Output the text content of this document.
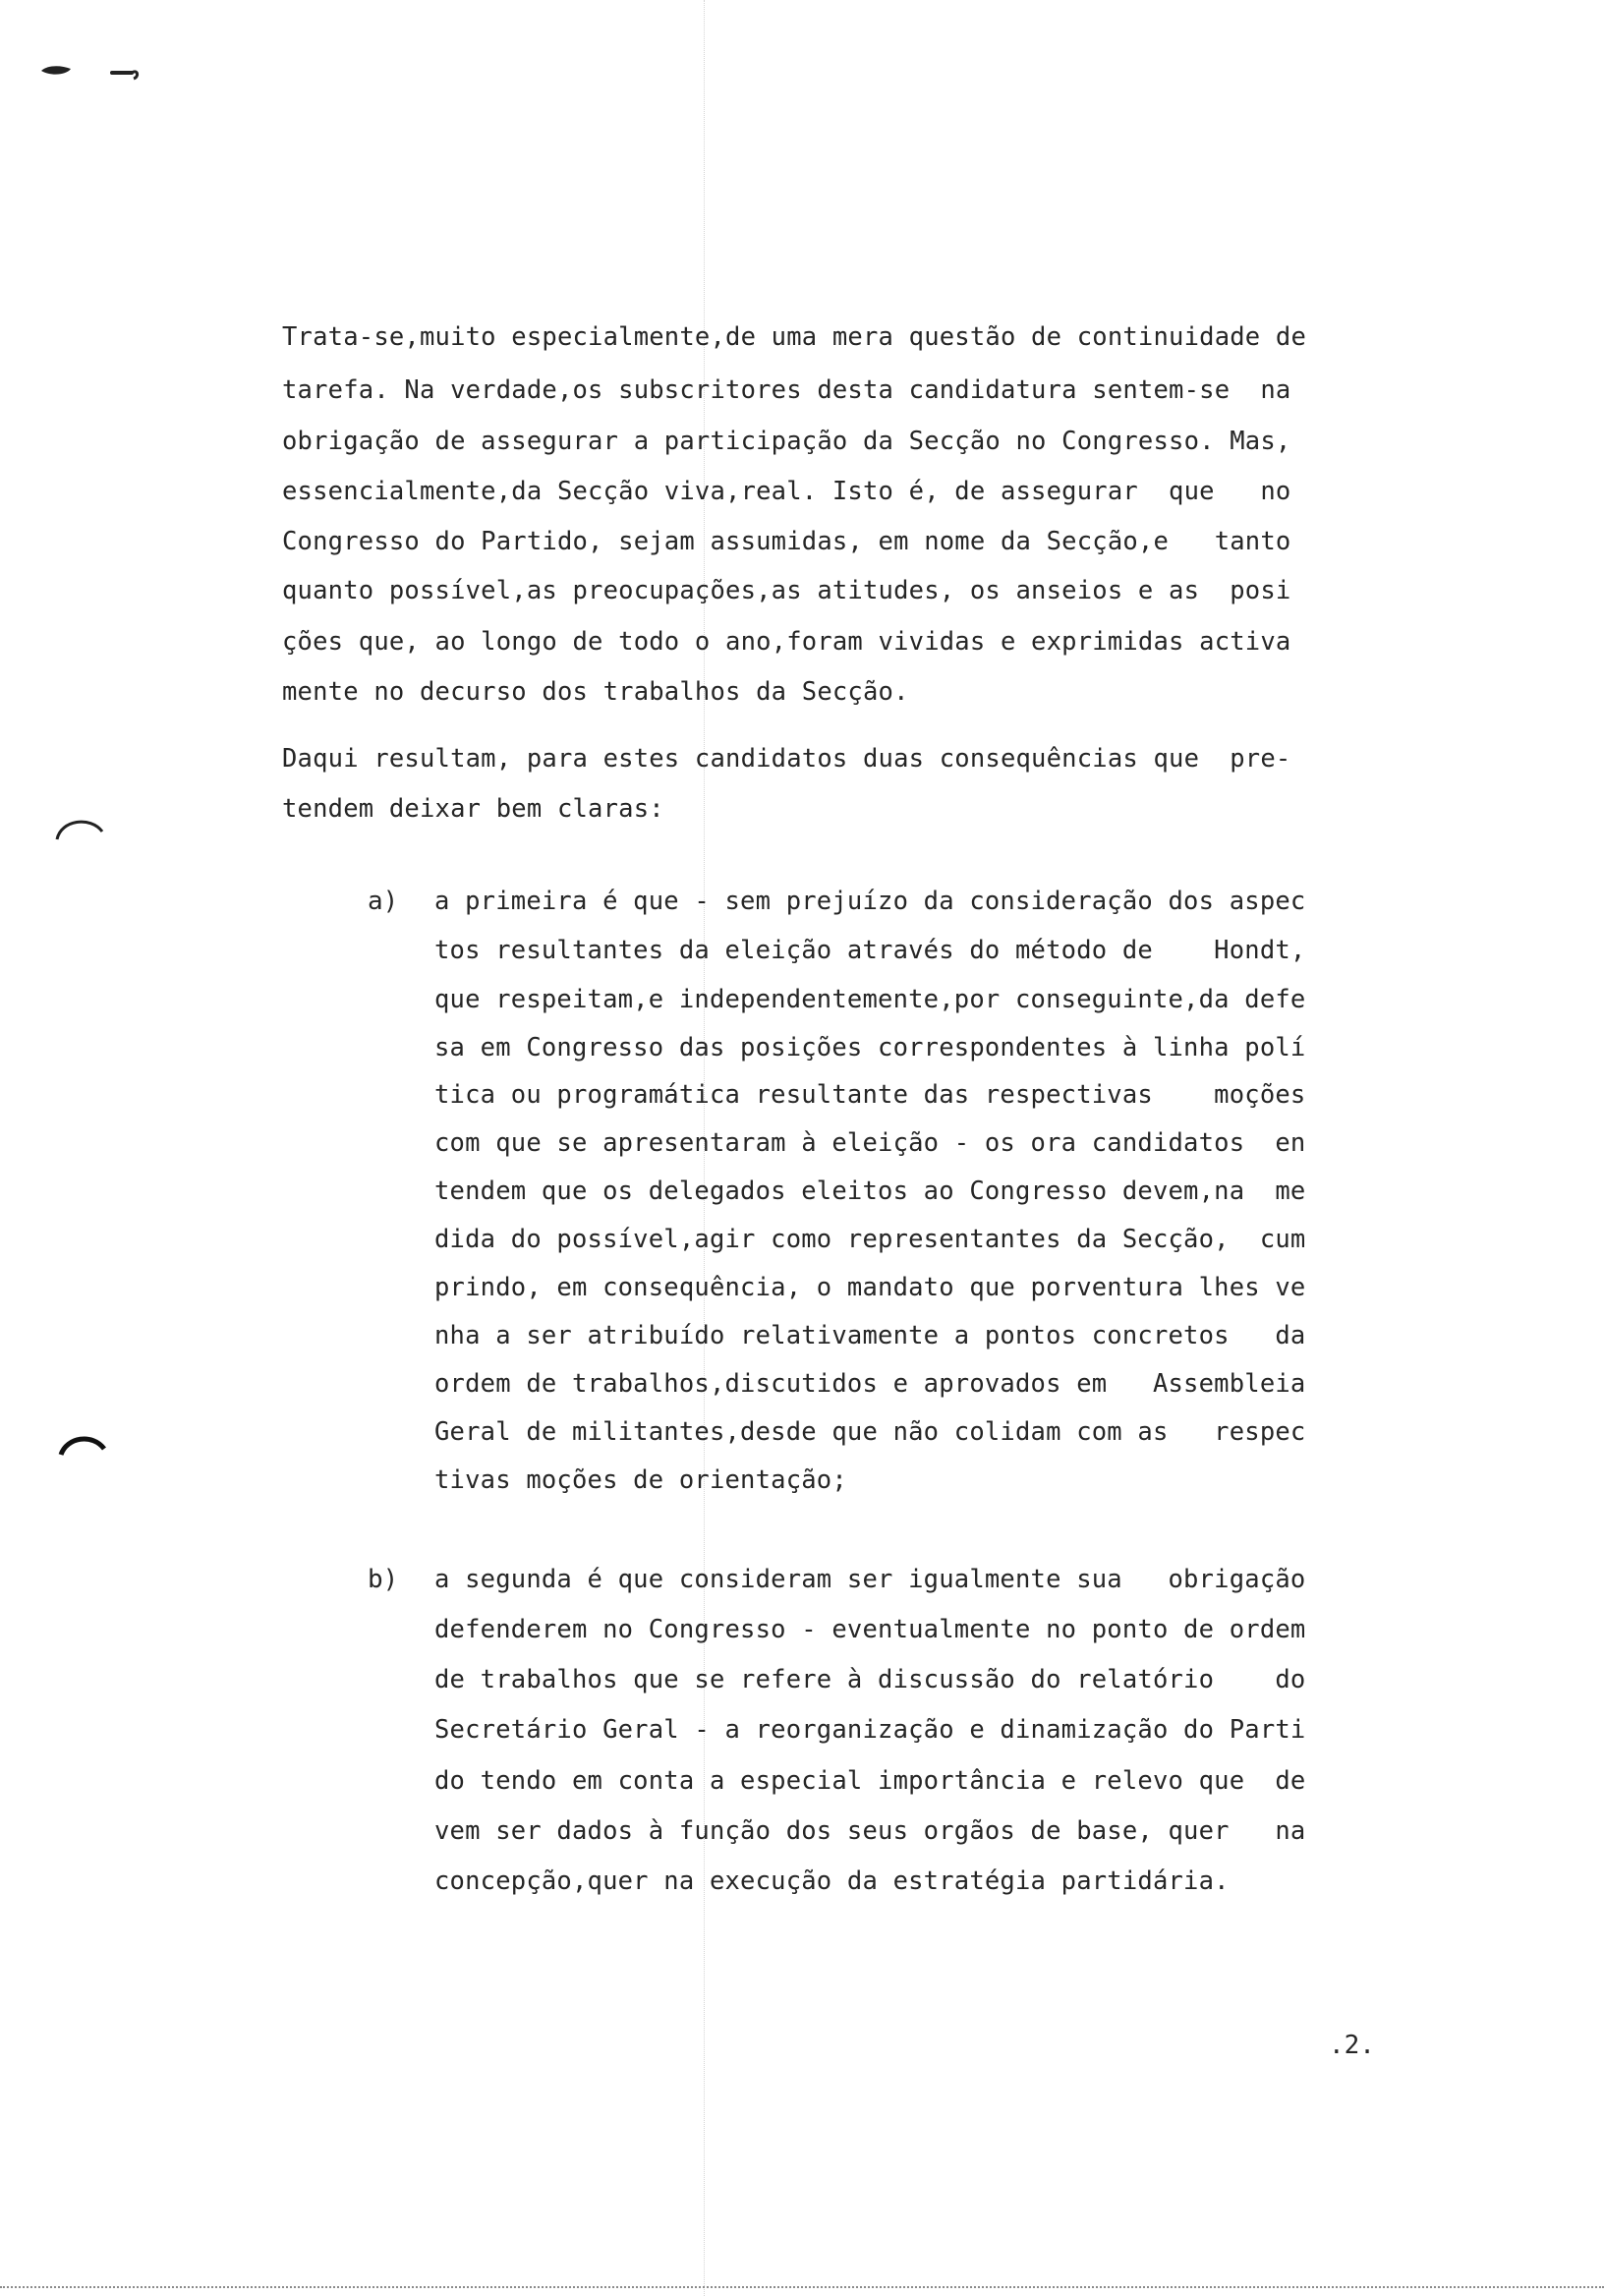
Trata-se,muito especialmente,de uma mera questão de continuidade de
tarefa. Na verdade,os subscritores desta candidatura sentem-se  na
obrigação de assegurar a participação da Secção no Congresso. Mas,
essencialmente,da Secção viva,real. Isto é, de assegurar  que   no
Congresso do Partido, sejam assumidas, em nome da Secção,e   tanto
quanto possível,as preocupações,as atitudes, os anseios e as  posi
ções que, ao longo de todo o ano,foram vividas e exprimidas activa
mente no decurso dos trabalhos da Secção.
Daqui resultam, para estes candidatos duas consequências que  pre-
tendem deixar bem claras:
a) a primeira é que - sem prejuízo da consideração dos aspec
tos resultantes da eleição através do método de    Hondt,
que respeitam,e independentemente,por conseguinte,da defe
sa em Congresso das posições correspondentes à linha polí
tica ou programática resultante das respectivas    moções
com que se apresentaram à eleição - os ora candidatos  en
tendem que os delegados eleitos ao Congresso devem,na  me
dida do possível,agir como representantes da Secção,  cum
prindo, em consequência, o mandato que porventura lhes ve
nha a ser atribuído relativamente a pontos concretos   da
ordem de trabalhos,discutidos e aprovados em   Assembleia
Geral de militantes,desde que não colidam com as   respec
tivas moções de orientação;
b) a segunda é que consideram ser igualmente sua   obrigação
defenderem no Congresso - eventualmente no ponto de ordem
de trabalhos que se refere à discussão do relatório    do
Secretário Geral - a reorganização e dinamização do Parti
do tendo em conta a especial importância e relevo que  de
vem ser dados à função dos seus orgãos de base, quer   na
concepção,quer na execução da estratégia partidária.
.2.
